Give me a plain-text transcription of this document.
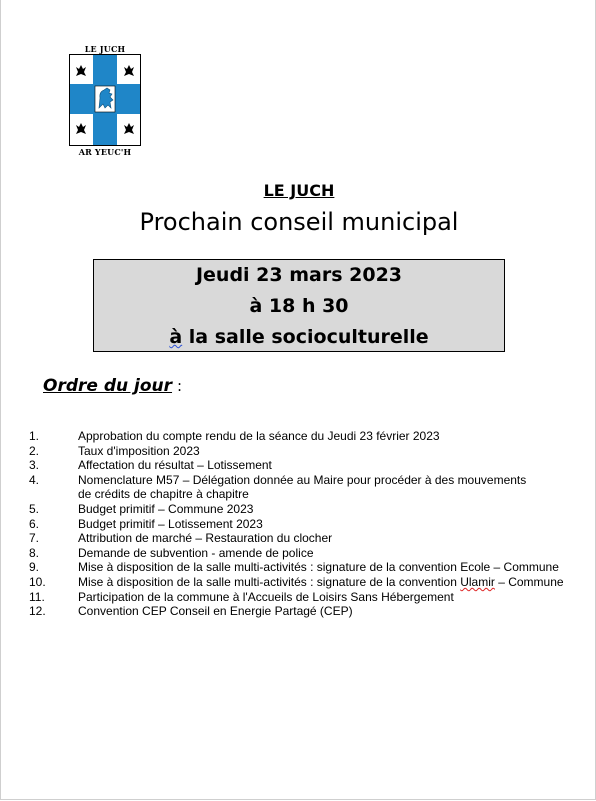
LE JUCH
AR YEUC'H
LE JUCH
Prochain conseil municipal
Jeudi 23 mars 2023
à 18 h 30
à la salle socioculturelle
Ordre du jour :
1.	Approbation du compte rendu de la séance du Jeudi 23 février 2023
2.	Taux d'imposition 2023
3.	Affectation du résultat – Lotissement
4.	Nomenclature M57 – Délégation donnée au Maire pour procéder à des mouvements
de crédits de chapitre à chapitre
5.	Budget primitif – Commune 2023
6.	Budget primitif – Lotissement 2023
7.	Attribution de marché – Restauration du clocher
8.	Demande de subvention - amende de police
9.	Mise à disposition de la salle multi-activités : signature de la convention Ecole – Commune
10.	Mise à disposition de la salle multi-activités : signature de la convention Ulamir – Commune
11.	Participation de la commune à l'Accueils de Loisirs Sans Hébergement
12.	Convention CEP Conseil en Energie Partagé (CEP)
